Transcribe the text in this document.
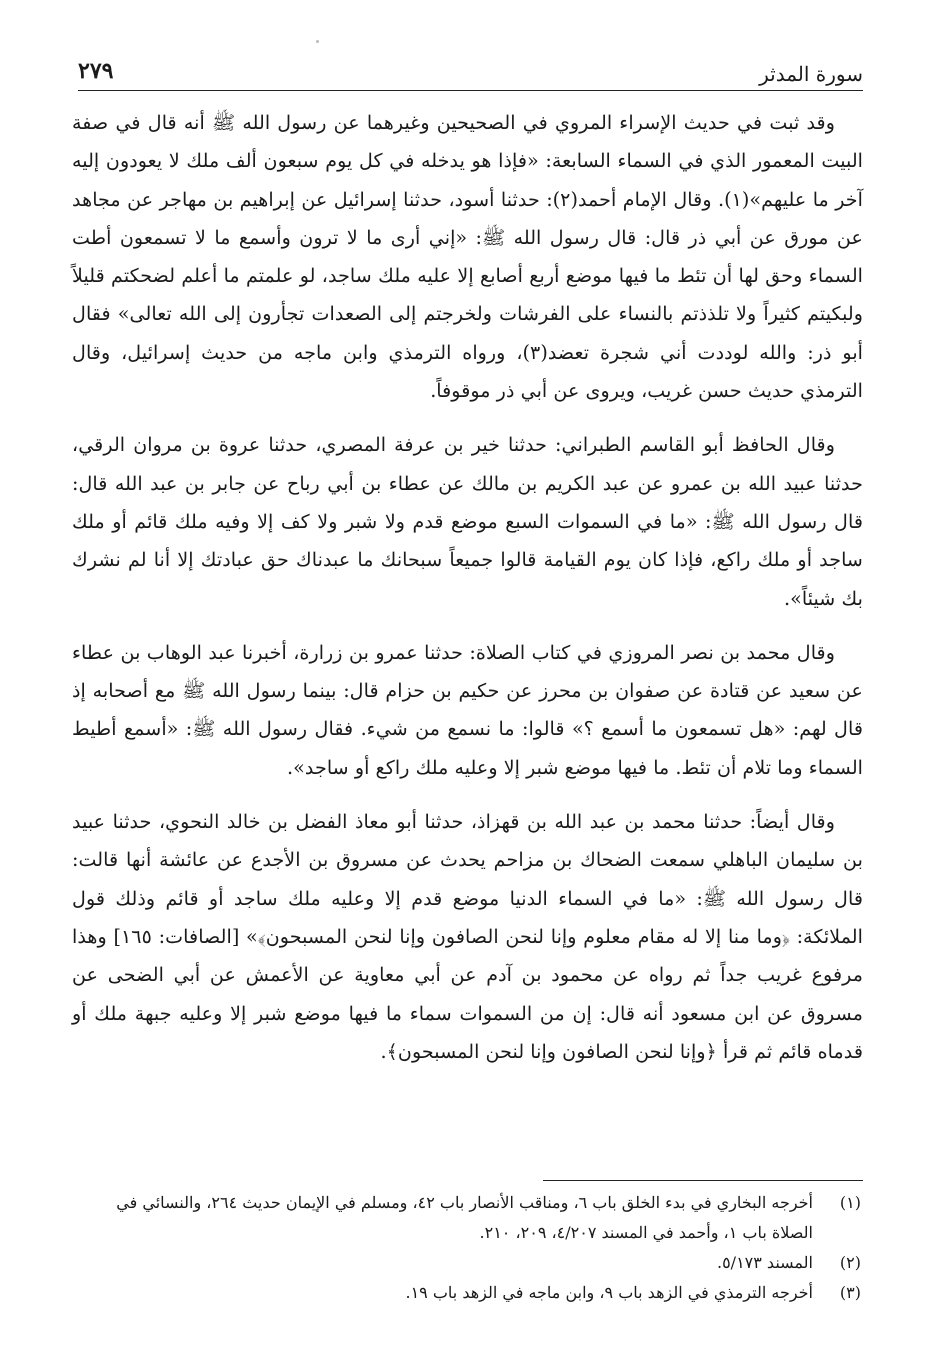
سورة المدثر
٢٧٩

وقد ثبت في حديث الإسراء المروي في الصحيحين وغيرهما عن رسول الله ﷺ أنه قال في صفة البيت المعمور الذي في السماء السابعة: «فإذا هو يدخله في كل يوم سبعون ألف ملك لا يعودون إليه آخر ما عليهم»(١). وقال الإمام أحمد(٢): حدثنا أسود، حدثنا إسرائيل عن إبراهيم بن مهاجر عن مجاهد عن مورق عن أبي ذر قال: قال رسول الله ﷺ: «إني أرى ما لا ترون وأسمع ما لا تسمعون أطت السماء وحق لها أن تئط ما فيها موضع أربع أصابع إلا عليه ملك ساجد، لو علمتم ما أعلم لضحكتم قليلاً ولبكيتم كثيراً ولا تلذذتم بالنساء على الفرشات ولخرجتم إلى الصعدات تجأرون إلى الله تعالى» فقال أبو ذر: والله لوددت أني شجرة تعضد(٣)، ورواه الترمذي وابن ماجه من حديث إسرائيل، وقال الترمذي حديث حسن غريب، ويروى عن أبي ذر موقوفاً.

وقال الحافظ أبو القاسم الطبراني: حدثنا خير بن عرفة المصري، حدثنا عروة بن مروان الرقي، حدثنا عبيد الله بن عمرو عن عبد الكريم بن مالك عن عطاء بن أبي رباح عن جابر بن عبد الله قال: قال رسول الله ﷺ: «ما في السموات السبع موضع قدم ولا شبر ولا كف إلا وفيه ملك قائم أو ملك ساجد أو ملك راكع، فإذا كان يوم القيامة قالوا جميعاً سبحانك ما عبدناك حق عبادتك إلا أنا لم نشرك بك شيئاً».

وقال محمد بن نصر المروزي في كتاب الصلاة: حدثنا عمرو بن زرارة، أخبرنا عبد الوهاب بن عطاء عن سعيد عن قتادة عن صفوان بن محرز عن حكيم بن حزام قال: بينما رسول الله ﷺ مع أصحابه إذ قال لهم: «هل تسمعون ما أسمع ؟» قالوا: ما نسمع من شيء. فقال رسول الله ﷺ: «أسمع أطيط السماء وما تلام أن تئط. ما فيها موضع شبر إلا وعليه ملك راكع أو ساجد».

وقال أيضاً: حدثنا محمد بن عبد الله بن قهزاذ، حدثنا أبو معاذ الفضل بن خالد النحوي، حدثنا عبيد بن سليمان الباهلي سمعت الضحاك بن مزاحم يحدث عن مسروق بن الأجدع عن عائشة أنها قالت: قال رسول الله ﷺ: «ما في السماء الدنيا موضع قدم إلا وعليه ملك ساجد أو قائم وذلك قول الملائكة: ﴿وما منا إلا له مقام معلوم وإنا لنحن الصافون وإنا لنحن المسبحون﴾» [الصافات: ١٦٥] وهذا مرفوع غريب جداً ثم رواه عن محمود بن آدم عن أبي معاوية عن الأعمش عن أبي الضحى عن مسروق عن ابن مسعود أنه قال: إن من السموات سماء ما فيها موضع شبر إلا وعليه جبهة ملك أو قدماه قائم ثم قرأ ﴿وإنا لنحن الصافون وإنا لنحن المسبحون﴾.

(١)
أخرجه البخاري في بدء الخلق باب ٦، ومناقب الأنصار باب ٤٢، ومسلم في الإيمان حديث ٢٦٤، والنسائي في الصلاة باب ١، وأحمد في المسند ٤/٢٠٧، ٢٠٩، ٢١٠.
(٢)
المسند ٥/١٧٣.
(٣)
أخرجه الترمذي في الزهد باب ٩، وابن ماجه في الزهد باب ١٩.
